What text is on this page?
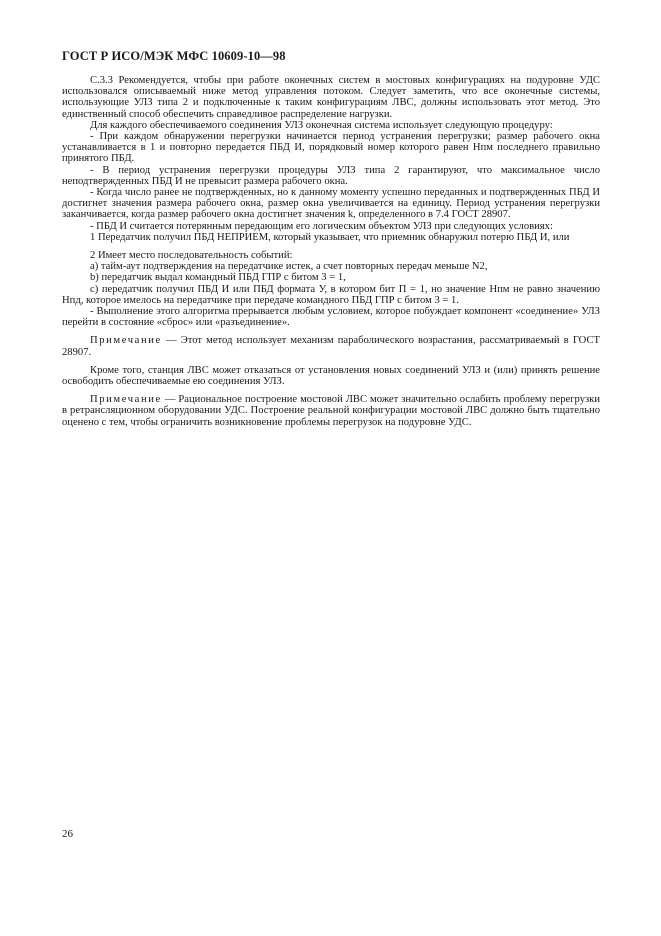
ГОСТ Р ИСО/МЭК МФС 10609-10—98

С.3.3 Рекомендуется, чтобы при работе оконечных систем в мостовых конфигурациях на подуровне УДС использовался описываемый ниже метод управления потоком. Следует заметить, что все оконечные системы, использующие УЛЗ типа 2 и подключенные к таким конфигурациям ЛВС, должны использовать этот метод. Это единственный способ обеспечить справедливое распределение нагрузки.

Для каждого обеспечиваемого соединения УЛЗ оконечная система использует следующую процедуру:

- При каждом обнаружении перегрузки начинается период устранения перегрузки; размер рабочего окна устанавливается в 1 и повторно передается ПБД И, порядковый номер которого равен Нпм последнего правильно принятого ПБД.

- В период устранения перегрузки процедуры УЛЗ типа 2 гарантируют, что максимальное число неподтвержденных ПБД И не превысит размера рабочего окна.

- Когда число ранее не подтвержденных, но к данному моменту успешно переданных и подтвержденных ПБД И достигнет значения размера рабочего окна, размер окна увеличивается на единицу. Период устранения перегрузки заканчивается, когда размер рабочего окна достигнет значения k, определенного в 7.4 ГОСТ 28907.

- ПБД И считается потерянным передающим его логическим объектом УЛЗ при следующих условиях:

1 Передатчик получил ПБД НЕПРИЕМ, который указывает, что приемник обнаружил потерю ПБД И, или

2 Имеет место последовательность событий:

a) тайм-аут подтверждения на передатчике истек, а счет повторных передач меньше N2,

b) передатчик выдал командный ПБД ГПР с битом 3 = 1,

c) передатчик получил ПБД И или ПБД формата У, в котором бит П = 1, но значение Нпм не равно значению Нпд, которое имелось на передатчике при передаче командного ПБД ГПР с битом 3 = 1.

- Выполнение этого алгоритма прерывается любым условием, которое побуждает компонент «соединение» УЛЗ перейти в состояние «сброс» или «разъединение».

Примечание — Этот метод использует механизм параболического возрастания, рассматриваемый в ГОСТ 28907.

Кроме того, станция ЛВС может отказаться от установления новых соединений УЛЗ и (или) принять решение освободить обеспечиваемые ею соединения УЛЗ.

Примечание — Рациональное построение мостовой ЛВС может значительно ослабить проблему перегрузки в ретрансляционном оборудовании УДС. Построение реальной конфигурации мостовой ЛВС должно быть тщательно оценено с тем, чтобы ограничить возникновение проблемы перегрузок на подуровне УДС.

26
